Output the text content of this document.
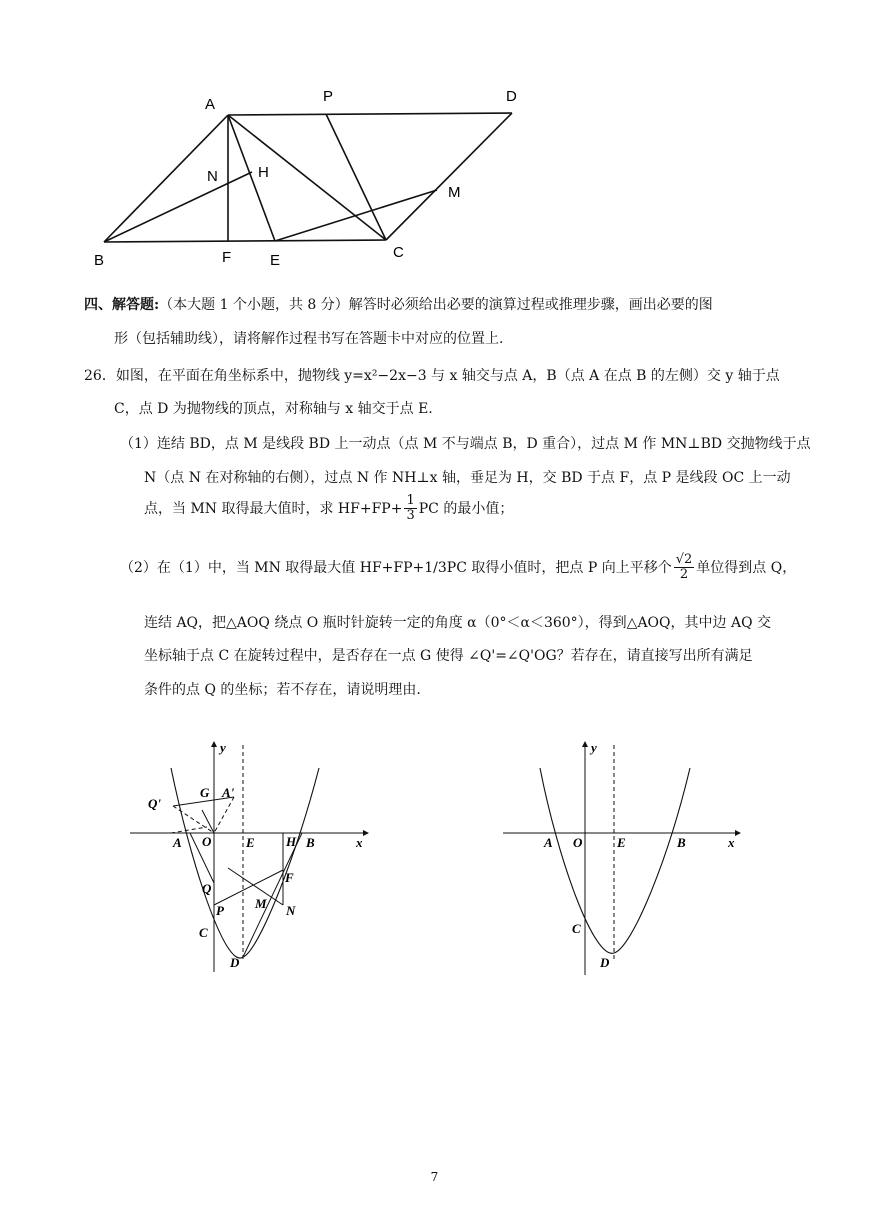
A	P	D
N	H
M
B	F	E	C
四、解答题:（本大题 1 个小题，共 8 分）解答时必须给出必要的演算过程或推理步骤，画出必要的图
形（包括辅助线），请将解作过程书写在答题卡中对应的位置上.
26．如图，在平面在角坐标系中，抛物线 y=x²−2x−3 与 x 轴交与点 A，B（点 A 在点 B 的左侧）交 y 轴于点
C，点 D 为抛物线的顶点，对称轴与 x 轴交于点 E.
（1）连结 BD，点 M 是线段 BD 上一动点（点 M 不与端点 B，D 重合），过点 M 作 MN⊥BD 交抛物线于点
N（点 N 在对称轴的右侧），过点 N 作 NH⊥x 轴，垂足为 H，交 BD 于点 F，点 P 是线段 OC 上一动
点，当 MN 取得最大值时，求 $HF+FP+ \frac{1}{3}$ PC 的最小值；
（2）在（1）中，当 MN 取得最大值 HF+FP+1/3PC 取得小值时，把点 P 向上平移个 $\frac{√2}{2}$ 单位得到点 Q，
连结 AQ，把△AOQ 绕点 O 瓶时针旋转一定的角度 α（0°＜α＜360°），得到△AOQ，其中边 AQ 交
坐标轴于点 C 在旋转过程中，是否存在一点 G 使得 ∠Q'=∠Q'OG？若存在，请直接写出所有满足
条件的点 Q 的坐标；若不存在，请说明理由.
y
x
Q'
G A'
A O	E H B
Q
F
P M N
C
D
y
x
A O	E	B
C
D
7
